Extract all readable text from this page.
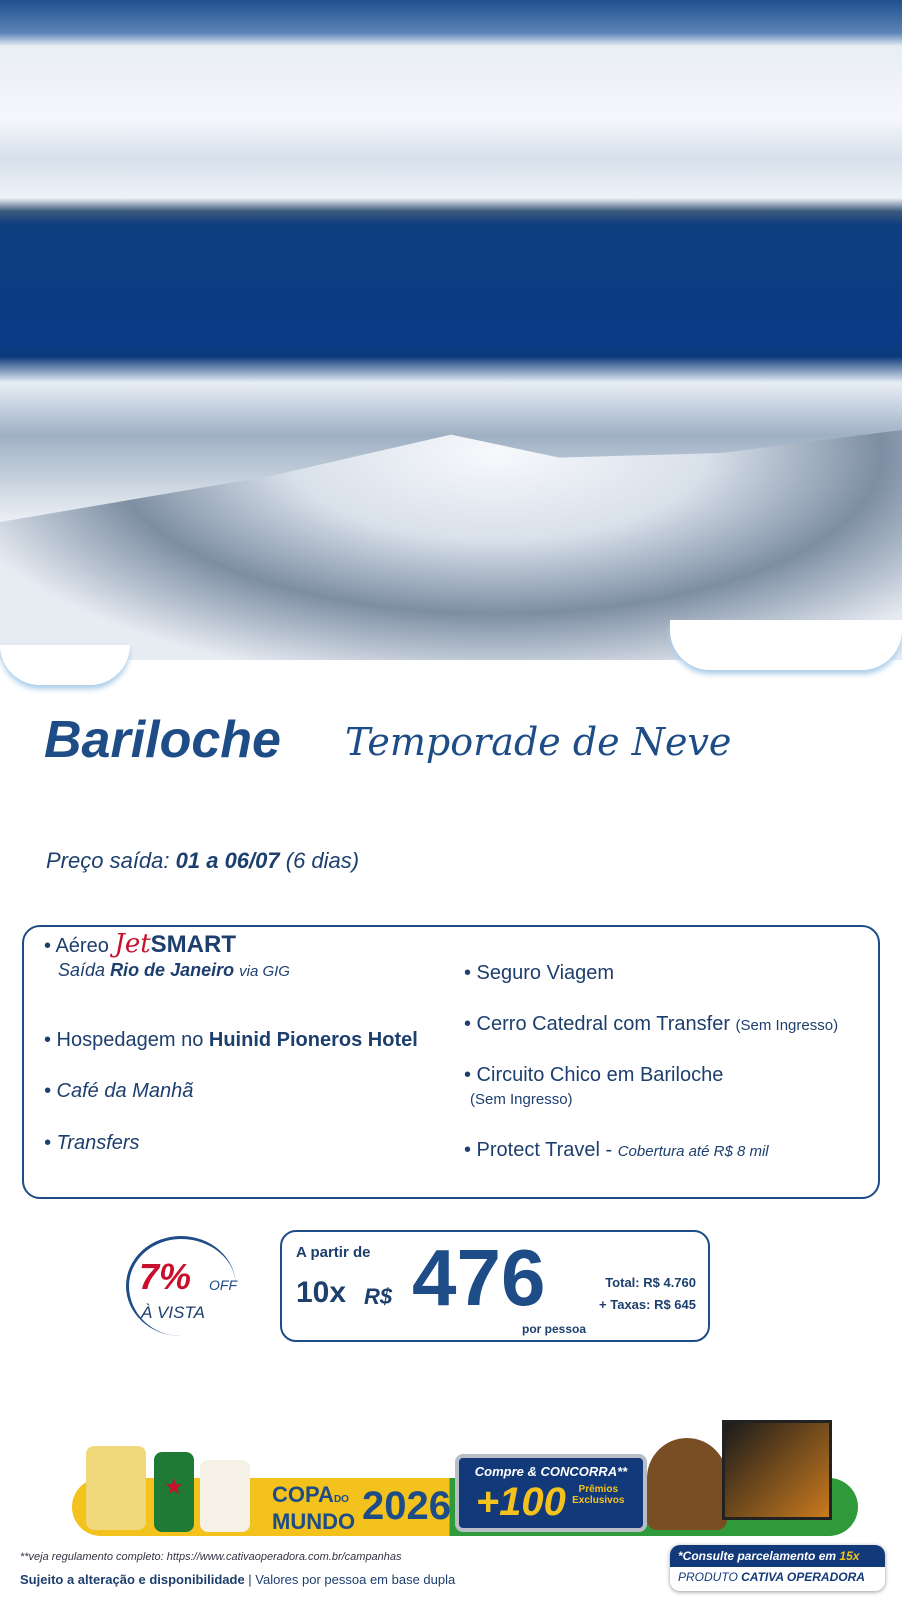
Bariloche Temporade de Neve
Preço saída: 01 a 06/07 (6 dias)
• Aéreo JetSMART
Saída Rio de Janeiro via GIG
• Hospedagem no Huinid Pioneros Hotel
• Café da Manhã
• Transfers
• Seguro Viagem
• Cerro Catedral com Transfer (Sem Ingresso)
• Circuito Chico em Bariloche
(Sem Ingresso)
• Protect Travel - Cobertura até R$ 8 mil
7% OFF
À VISTA
A partir de
10x R$ 476
por pessoa
Total: R$ 4.760
+ Taxas: R$ 645
★	COPADO
MUNDO 2026
Compre & CONCORRA**
+100 Prêmios Exclusivos
**veja regulamento completo: https://www.cativaoperadora.com.br/campanhas
Sujeito a alteração e disponibilidade | Valores por pessoa em base dupla
*Consulte parcelamento em 15x
PRODUTO CATIVA OPERADORA
